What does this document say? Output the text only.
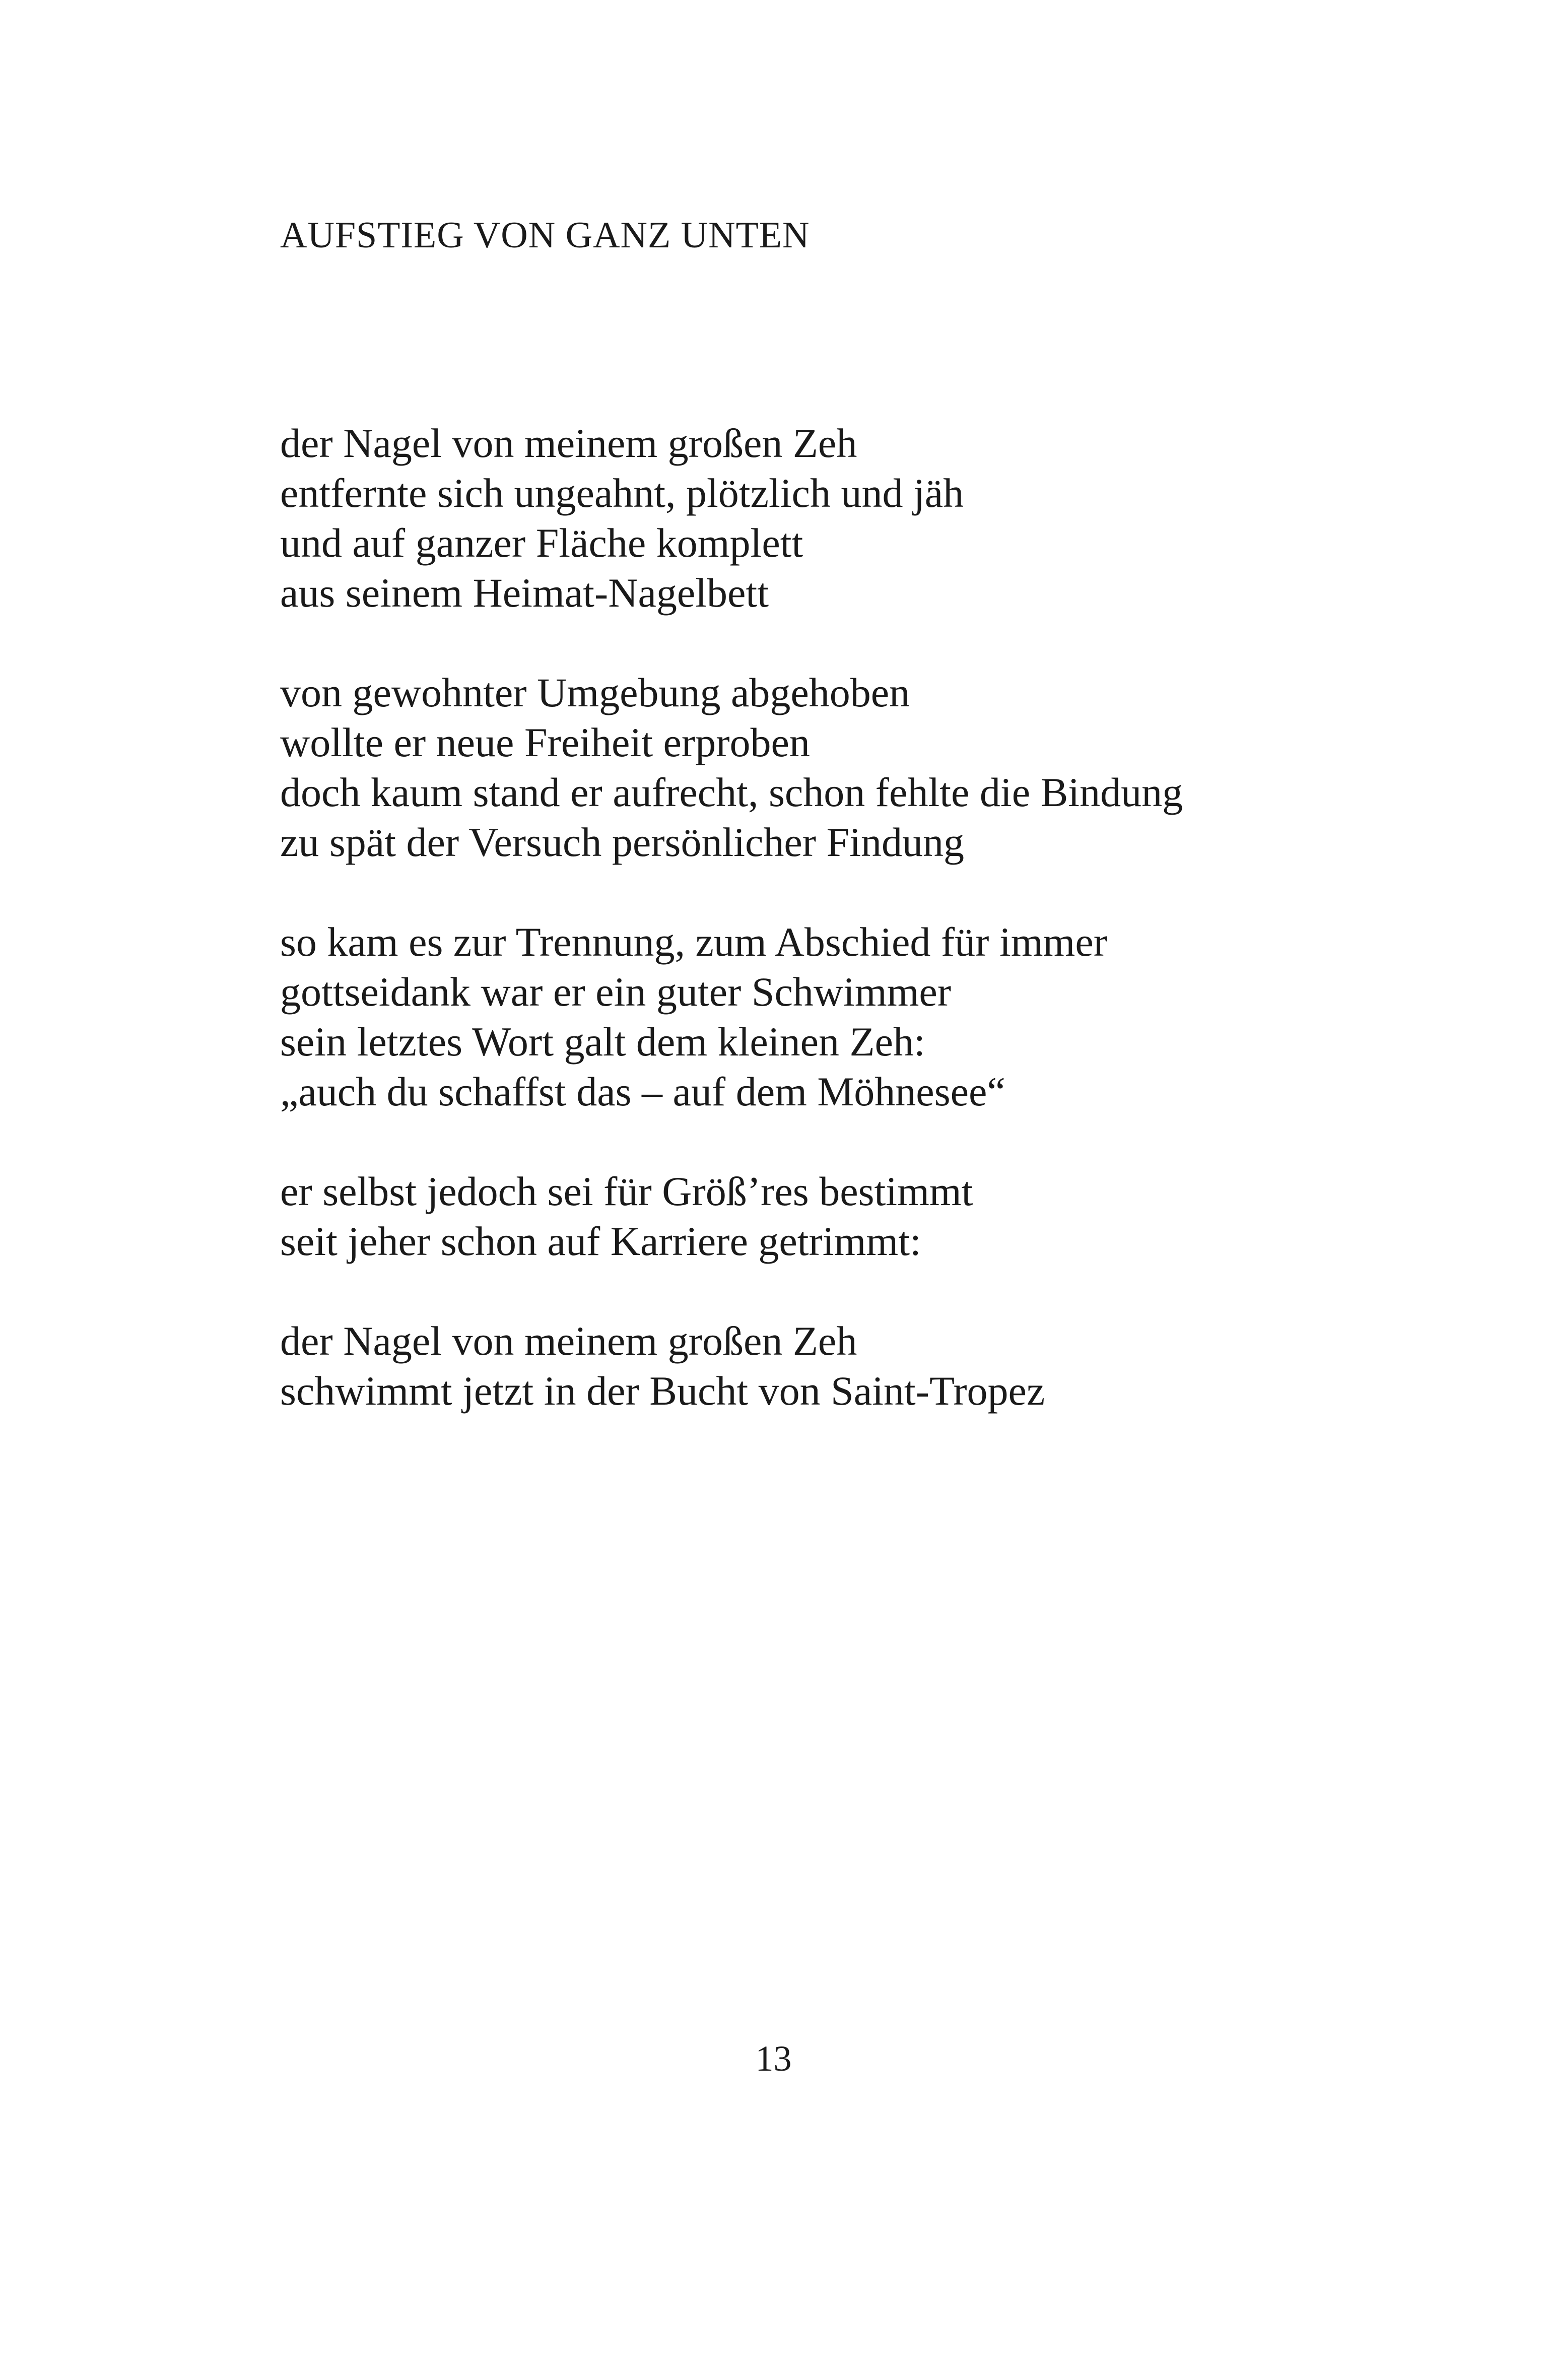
AUFSTIEG VON GANZ UNTEN
der Nagel von meinem großen Zeh
entfernte sich ungeahnt, plötzlich und jäh
und auf ganzer Fläche komplett
aus seinem Heimat-Nagelbett
von gewohnter Umgebung abgehoben
wollte er neue Freiheit erproben
doch kaum stand er aufrecht, schon fehlte die Bindung
zu spät der Versuch persönlicher Findung
so kam es zur Trennung, zum Abschied für immer
gottseidank war er ein guter Schwimmer
sein letztes Wort galt dem kleinen Zeh:
„auch du schaffst das – auf dem Möhnesee“
er selbst jedoch sei für Größ’res bestimmt
seit jeher schon auf Karriere getrimmt:
der Nagel von meinem großen Zeh
schwimmt jetzt in der Bucht von Saint-Tropez
13
